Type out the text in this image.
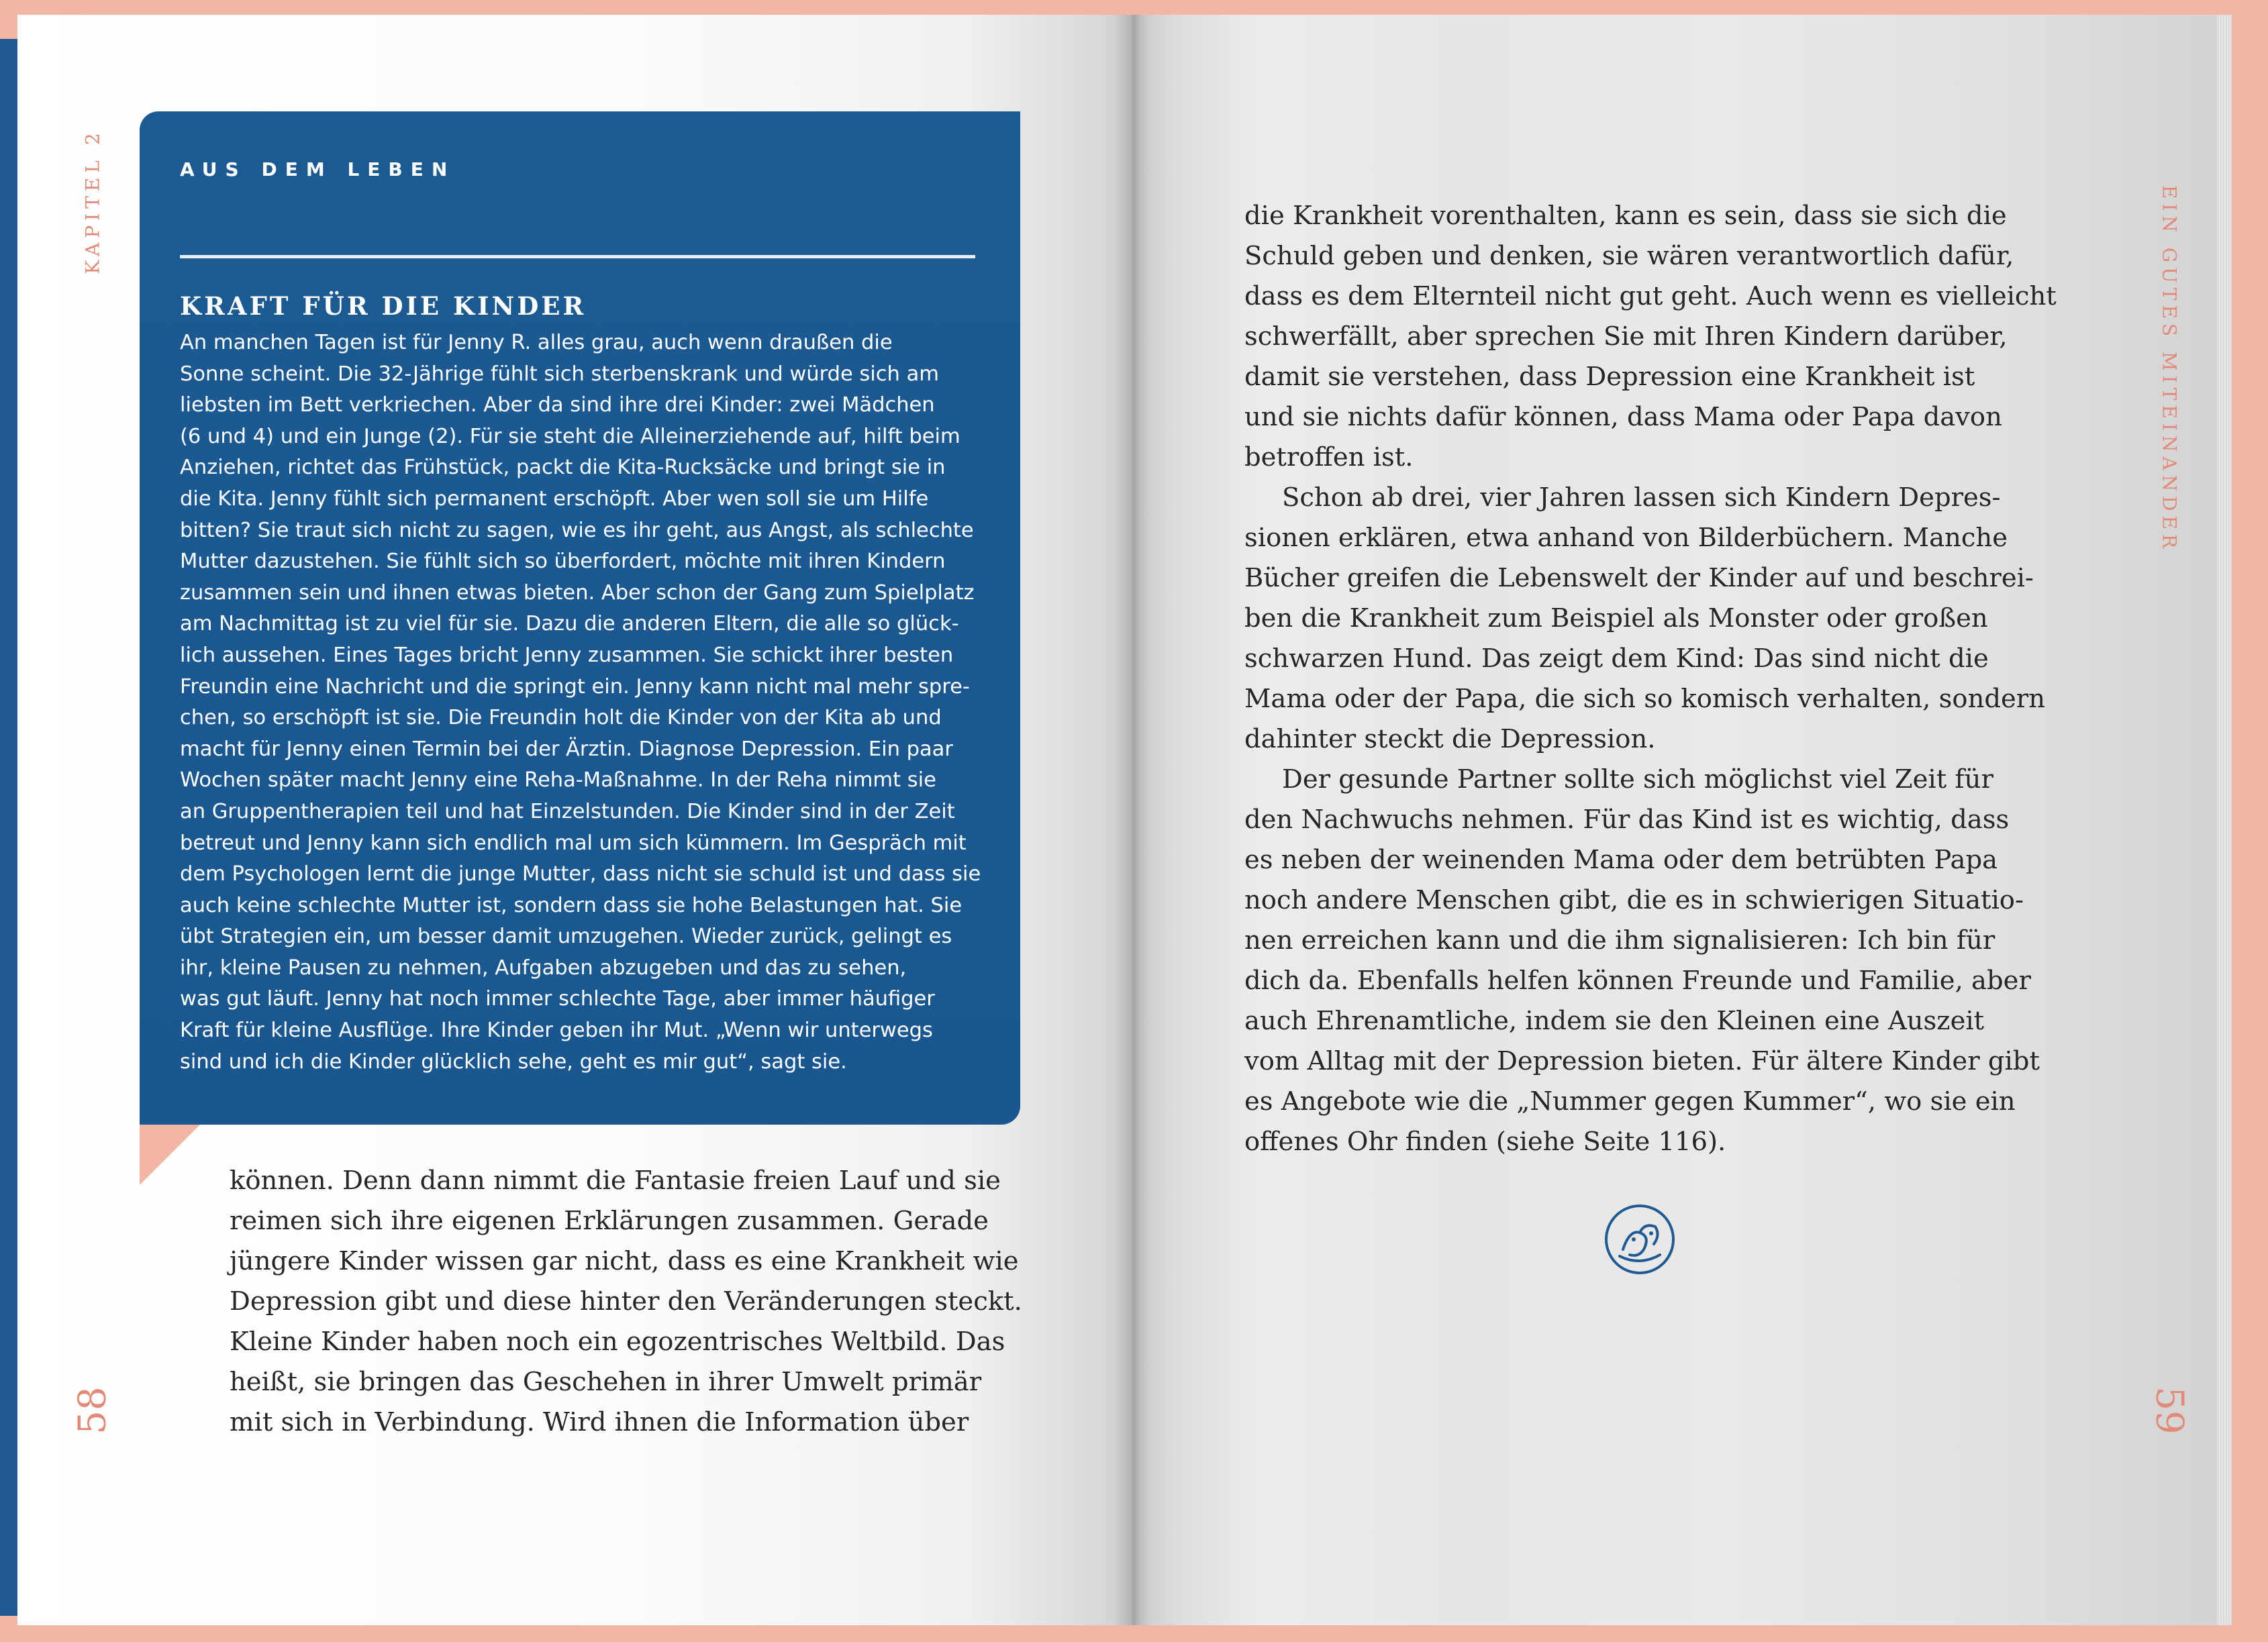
KAPITEL 2
58
EIN GUTES MITEINANDER
59
AUS DEM LEBEN
KRAFT FÜR DIE KINDER
An manchen Tagen ist für Jenny R. alles grau, auch wenn draußen die
Sonne scheint. Die 32-Jährige fühlt sich sterbenskrank und würde sich am
liebsten im Bett verkriechen. Aber da sind ihre drei Kinder: zwei Mädchen
(6 und 4) und ein Junge (2). Für sie steht die Alleinerziehende auf, hilft beim
Anziehen, richtet das Frühstück, packt die Kita-Rucksäcke und bringt sie in
die Kita. Jenny fühlt sich permanent erschöpft. Aber wen soll sie um Hilfe
bitten? Sie traut sich nicht zu sagen, wie es ihr geht, aus Angst, als schlechte
Mutter dazustehen. Sie fühlt sich so überfordert, möchte mit ihren Kindern
zusammen sein und ihnen etwas bieten. Aber schon der Gang zum Spielplatz
am Nachmittag ist zu viel für sie. Dazu die anderen Eltern, die alle so glück-
lich aussehen. Eines Tages bricht Jenny zusammen. Sie schickt ihrer besten
Freundin eine Nachricht und die springt ein. Jenny kann nicht mal mehr spre-
chen, so erschöpft ist sie. Die Freundin holt die Kinder von der Kita ab und
macht für Jenny einen Termin bei der Ärztin. Diagnose Depression. Ein paar
Wochen später macht Jenny eine Reha-Maßnahme. In der Reha nimmt sie
an Gruppentherapien teil und hat Einzelstunden. Die Kinder sind in der Zeit
betreut und Jenny kann sich endlich mal um sich kümmern. Im Gespräch mit
dem Psychologen lernt die junge Mutter, dass nicht sie schuld ist und dass sie
auch keine schlechte Mutter ist, sondern dass sie hohe Belastungen hat. Sie
übt Strategien ein, um besser damit umzugehen. Wieder zurück, gelingt es
ihr, kleine Pausen zu nehmen, Aufgaben abzugeben und das zu sehen,
was gut läuft. Jenny hat noch immer schlechte Tage, aber immer häufiger
Kraft für kleine Ausflüge. Ihre Kinder geben ihr Mut. „Wenn wir unterwegs
sind und ich die Kinder glücklich sehe, geht es mir gut“, sagt sie.
können. Denn dann nimmt die Fantasie freien Lauf und sie
reimen sich ihre eigenen Erklärungen zusammen. Gerade
jüngere Kinder wissen gar nicht, dass es eine Krankheit wie
Depression gibt und diese hinter den Veränderungen steckt.
Kleine Kinder haben noch ein egozentrisches Weltbild. Das
heißt, sie bringen das Geschehen in ihrer Umwelt primär
mit sich in Verbindung. Wird ihnen die Information über
die Krankheit vorenthalten, kann es sein, dass sie sich die
Schuld geben und denken, sie wären verantwortlich dafür,
dass es dem Elternteil nicht gut geht. Auch wenn es vielleicht
schwerfällt, aber sprechen Sie mit Ihren Kindern darüber,
damit sie verstehen, dass Depression eine Krankheit ist
und sie nichts dafür können, dass Mama oder Papa davon
betroffen ist.
Schon ab drei, vier Jahren lassen sich Kindern Depres-
sionen erklären, etwa anhand von Bilderbüchern. Manche
Bücher greifen die Lebenswelt der Kinder auf und beschrei-
ben die Krankheit zum Beispiel als Monster oder großen
schwarzen Hund. Das zeigt dem Kind: Das sind nicht die
Mama oder der Papa, die sich so komisch verhalten, sondern
dahinter steckt die Depression.
Der gesunde Partner sollte sich möglichst viel Zeit für
den Nachwuchs nehmen. Für das Kind ist es wichtig, dass
es neben der weinenden Mama oder dem betrübten Papa
noch andere Menschen gibt, die es in schwierigen Situatio-
nen erreichen kann und die ihm signalisieren: Ich bin für
dich da. Ebenfalls helfen können Freunde und Familie, aber
auch Ehrenamtliche, indem sie den Kleinen eine Auszeit
vom Alltag mit der Depression bieten. Für ältere Kinder gibt
es Angebote wie die „Nummer gegen Kummer“, wo sie ein
offenes Ohr finden (siehe Seite 116).
